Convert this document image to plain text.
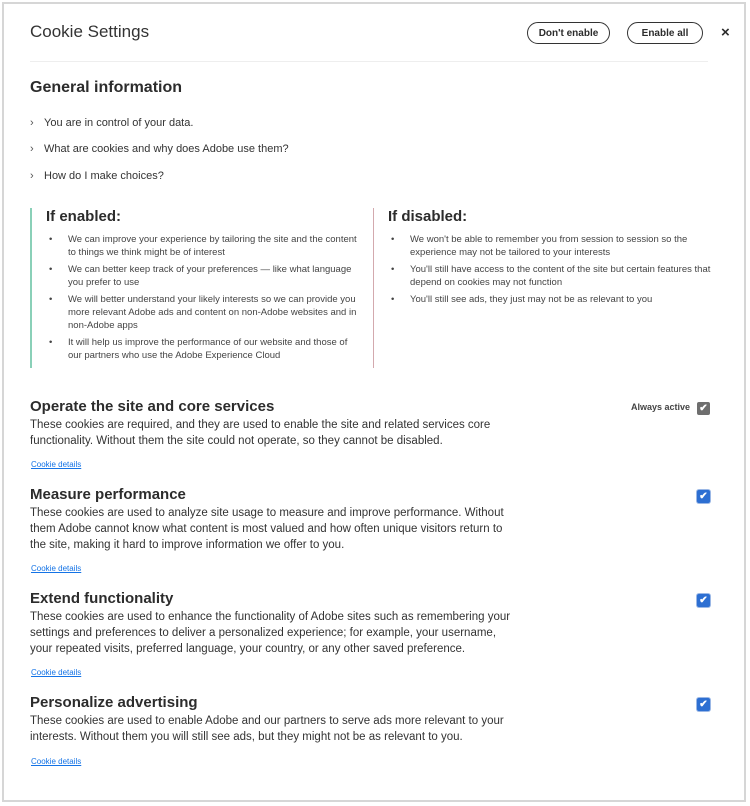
Cookie Settings	Don't enable	Enable all	×
General information
› You are in control of your data.
› What are cookies and why does Adobe use them?
› How do I make choices?
If enabled:
• We can improve your experience by tailoring the site and the content to things we think might be of interest
• We can better keep track of your preferences — like what language you prefer to use
• We will better understand your likely interests so we can provide you more relevant Adobe ads and content on non-Adobe websites and in non-Adobe apps
• It will help us improve the performance of our website and those of our partners who use the Adobe Experience Cloud
If disabled:
• We won't be able to remember you from session to session so the experience may not be tailored to your interests
• You'll still have access to the content of the site but certain features that depend on cookies may not function
• You'll still see ads, they just may not be as relevant to you
Operate the site and core services

These cookies are required, and they are used to enable the site and related services core functionality. Without them the site could not operate, so they cannot be disabled.

Cookie details
Always active ✔
Measure performance

These cookies are used to analyze site usage to measure and improve performance. Without them Adobe cannot know what content is most valued and how often unique visitors return to the site, making it hard to improve information we offer to you.

Cookie details
✔
Extend functionality

These cookies are used to enhance the functionality of Adobe sites such as remembering your settings and preferences to deliver a personalized experience; for example, your username, your repeated visits, preferred language, your country, or any other saved preference.

Cookie details
✔
Personalize advertising

These cookies are used to enable Adobe and our partners to serve ads more relevant to your interests. Without them you will still see ads, but they might not be as relevant to you.

Cookie details
✔
